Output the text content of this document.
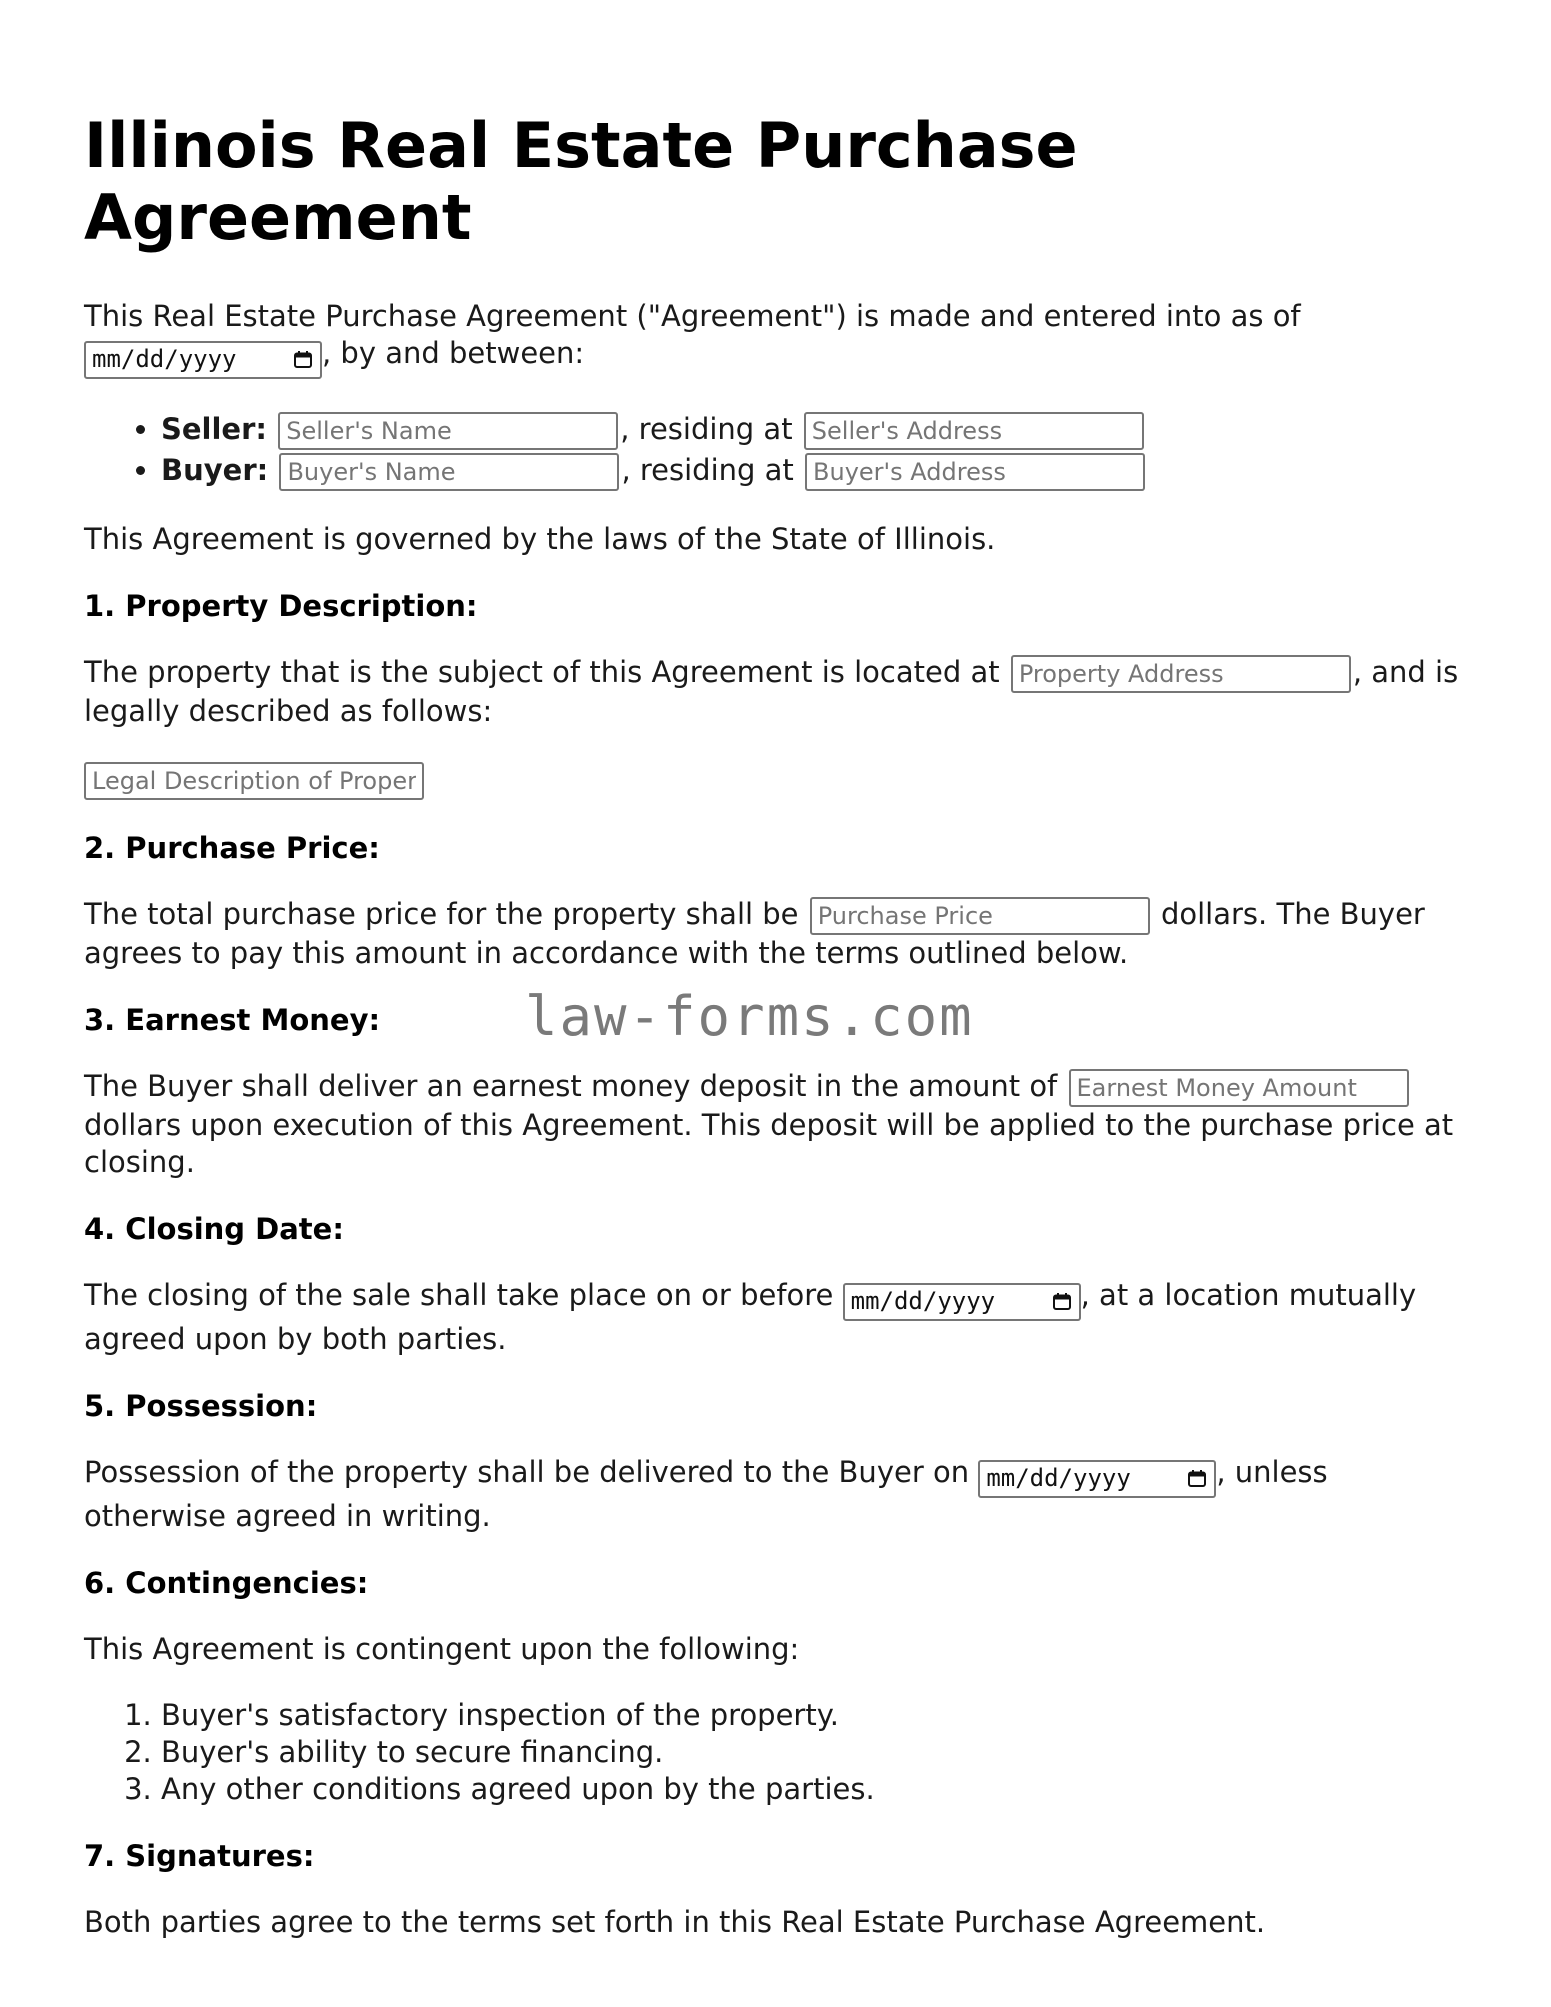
Illinois Real Estate Purchase Agreement

This Real Estate Purchase Agreement ("Agreement") is made and entered into as of mm/dd/yyyy	, by and between:

• Seller: Seller's Name	, residing at Seller's Address
• Buyer: Buyer's Name	, residing at Buyer's Address

This Agreement is governed by the laws of the State of Illinois.

1. Property Description:

The property that is the subject of this Agreement is located at Property Address	, and is legally described as follows:

Legal Description of Property

2. Purchase Price:

The total purchase price for the property shall be Purchase Price	dollars. The Buyer agrees to pay this amount in accordance with the terms outlined below.

3. Earnest Money:

The Buyer shall deliver an earnest money deposit in the amount of Earnest Money Amount dollars upon execution of this Agreement. This deposit will be applied to the purchase price at closing.

4. Closing Date:

The closing of the sale shall take place on or before mm/dd/yyyy	, at a location mutually agreed upon by both parties.

5. Possession:

Possession of the property shall be delivered to the Buyer on mm/dd/yyyy	, unless otherwise agreed in writing.

6. Contingencies:

This Agreement is contingent upon the following:

1. Buyer's satisfactory inspection of the property.
2. Buyer's ability to secure financing.
3. Any other conditions agreed upon by the parties.

7. Signatures:

Both parties agree to the terms set forth in this Real Estate Purchase Agreement.

law-forms.com
